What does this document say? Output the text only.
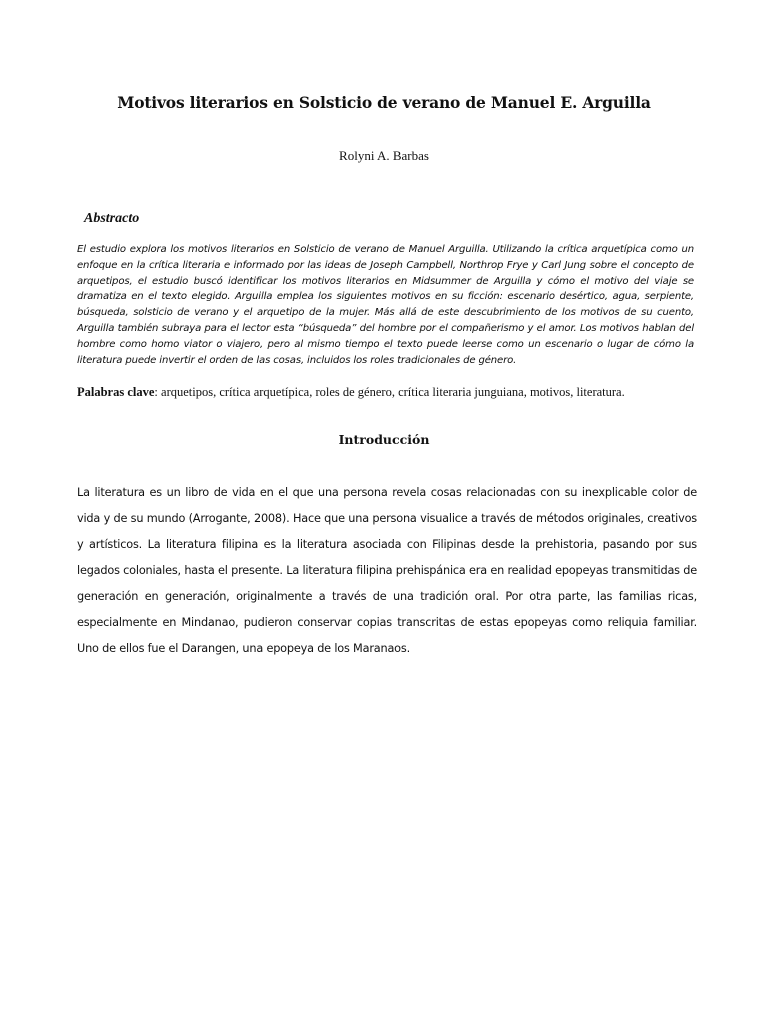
Motivos literarios en Solsticio de verano de Manuel E. Arguilla

Rolyni A. Barbas

Abstracto

El estudio explora los motivos literarios en Solsticio de verano de Manuel Arguilla. Utilizando la crítica arquetípica como un enfoque en la crítica literaria e informado por las ideas de Joseph Campbell, Northrop Frye y Carl Jung sobre el concepto de arquetipos, el estudio buscó identificar los motivos literarios en Midsummer de Arguilla y cómo el motivo del viaje se dramatiza en el texto elegido. Arguilla emplea los siguientes motivos en su ficción: escenario desértico, agua, serpiente, búsqueda, solsticio de verano y el arquetipo de la mujer. Más allá de este descubrimiento de los motivos de su cuento, Arguilla también subraya para el lector esta “búsqueda” del hombre por el compañerismo y el amor. Los motivos hablan del hombre como homo viator o viajero, pero al mismo tiempo el texto puede leerse como un escenario o lugar de cómo la literatura puede invertir el orden de las cosas, incluidos los roles tradicionales de género.

Palabras clave: arquetipos, crítica arquetípica, roles de género, crítica literaria junguiana, motivos, literatura.

Introducción

La literatura es un libro de vida en el que una persona revela cosas relacionadas con su inexplicable color de vida y de su mundo (Arrogante, 2008). Hace que una persona visualice a través de métodos originales, creativos y artísticos. La literatura filipina es la literatura asociada con Filipinas desde la prehistoria, pasando por sus legados coloniales, hasta el presente. La literatura filipina prehispánica era en realidad epopeyas transmitidas de generación en generación, originalmente a través de una tradición oral. Por otra parte, las familias ricas, especialmente en Mindanao, pudieron conservar copias transcritas de estas epopeyas como reliquia familiar. Uno de ellos fue el Darangen, una epopeya de los Maranaos.
